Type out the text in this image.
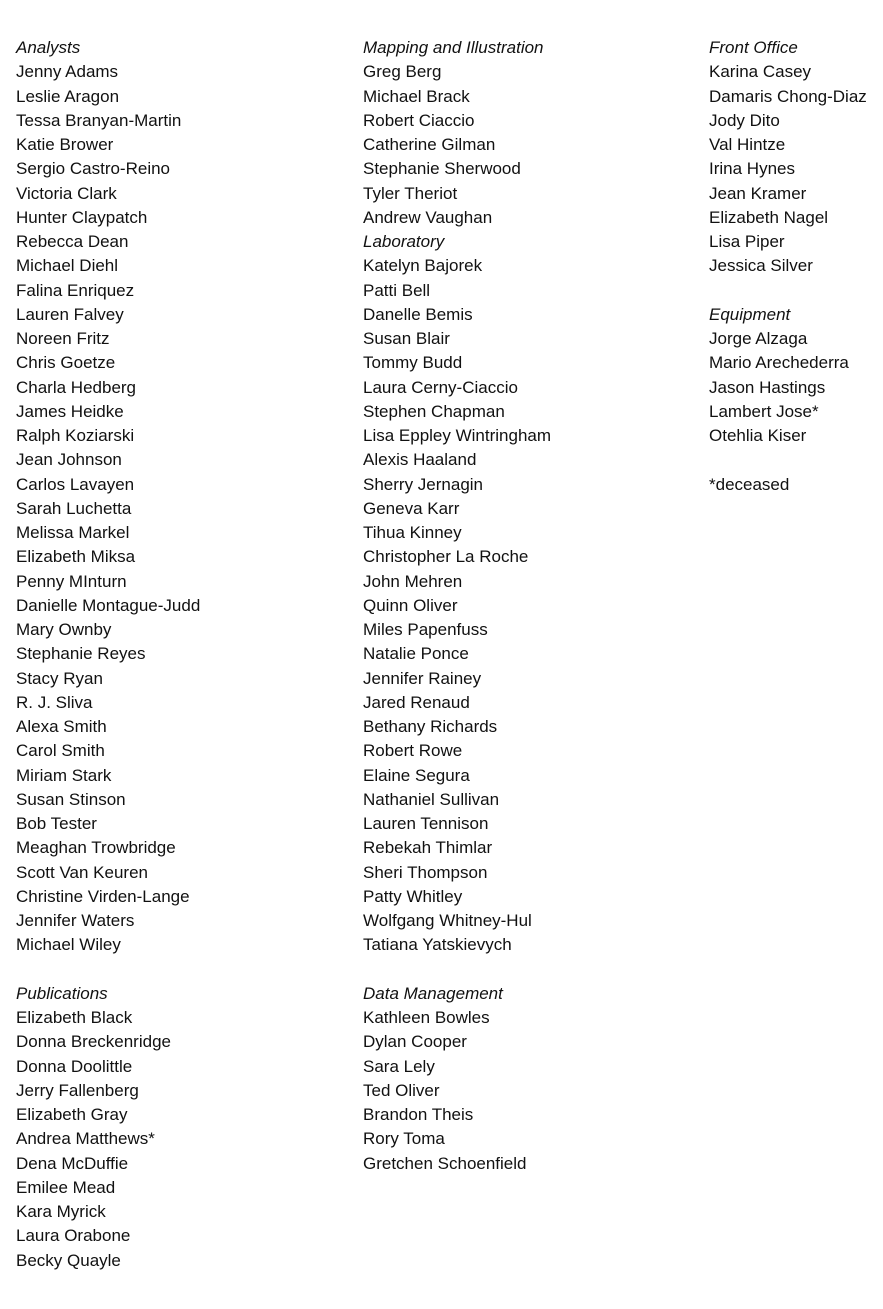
Analysts
Jenny Adams
Leslie Aragon
Tessa Branyan-Martin
Katie Brower
Sergio Castro-Reino
Victoria Clark
Hunter Claypatch
Rebecca Dean
Michael Diehl
Falina Enriquez
Lauren Falvey
Noreen Fritz
Chris Goetze
Charla Hedberg
James Heidke
Ralph Koziarski
Jean Johnson
Carlos Lavayen
Sarah Luchetta
Melissa Markel
Elizabeth Miksa
Penny MInturn
Danielle Montague-Judd
Mary Ownby
Stephanie Reyes
Stacy Ryan
R. J. Sliva
Alexa Smith
Carol Smith
Miriam Stark
Susan Stinson
Bob Tester
Meaghan Trowbridge
Scott Van Keuren
Christine Virden-Lange
Jennifer Waters
Michael Wiley
Publications
Elizabeth Black
Donna Breckenridge
Donna Doolittle
Jerry Fallenberg
Elizabeth Gray
Andrea Matthews*
Dena McDuffie
Emilee Mead
Kara Myrick
Laura Orabone
Becky Quayle
Mapping and Illustration
Greg Berg
Michael Brack
Robert Ciaccio
Catherine Gilman
Stephanie Sherwood
Tyler Theriot
Andrew Vaughan
Laboratory
Katelyn Bajorek
Patti Bell
Danelle Bemis
Susan Blair
Tommy Budd
Laura Cerny-Ciaccio
Stephen Chapman
Lisa Eppley Wintringham
Alexis Haaland
Sherry Jernagin
Geneva Karr
Tihua Kinney
Christopher La Roche
John Mehren
Quinn Oliver
Miles Papenfuss
Natalie Ponce
Jennifer Rainey
Jared Renaud
Bethany Richards
Robert Rowe
Elaine Segura
Nathaniel Sullivan
Lauren Tennison
Rebekah Thimlar
Sheri Thompson
Patty Whitley
Wolfgang Whitney-Hul
Tatiana Yatskievych
Data Management
Kathleen Bowles
Dylan Cooper
Sara Lely
Ted Oliver
Brandon Theis
Rory Toma
Gretchen Schoenfield
Front Office
Karina Casey
Damaris Chong-Diaz
Jody Dito
Val Hintze
Irina Hynes
Jean Kramer
Elizabeth Nagel
Lisa Piper
Jessica Silver
Equipment
Jorge Alzaga
Mario Arechederra
Jason Hastings
Lambert Jose*
Otehlia Kiser
*deceased
